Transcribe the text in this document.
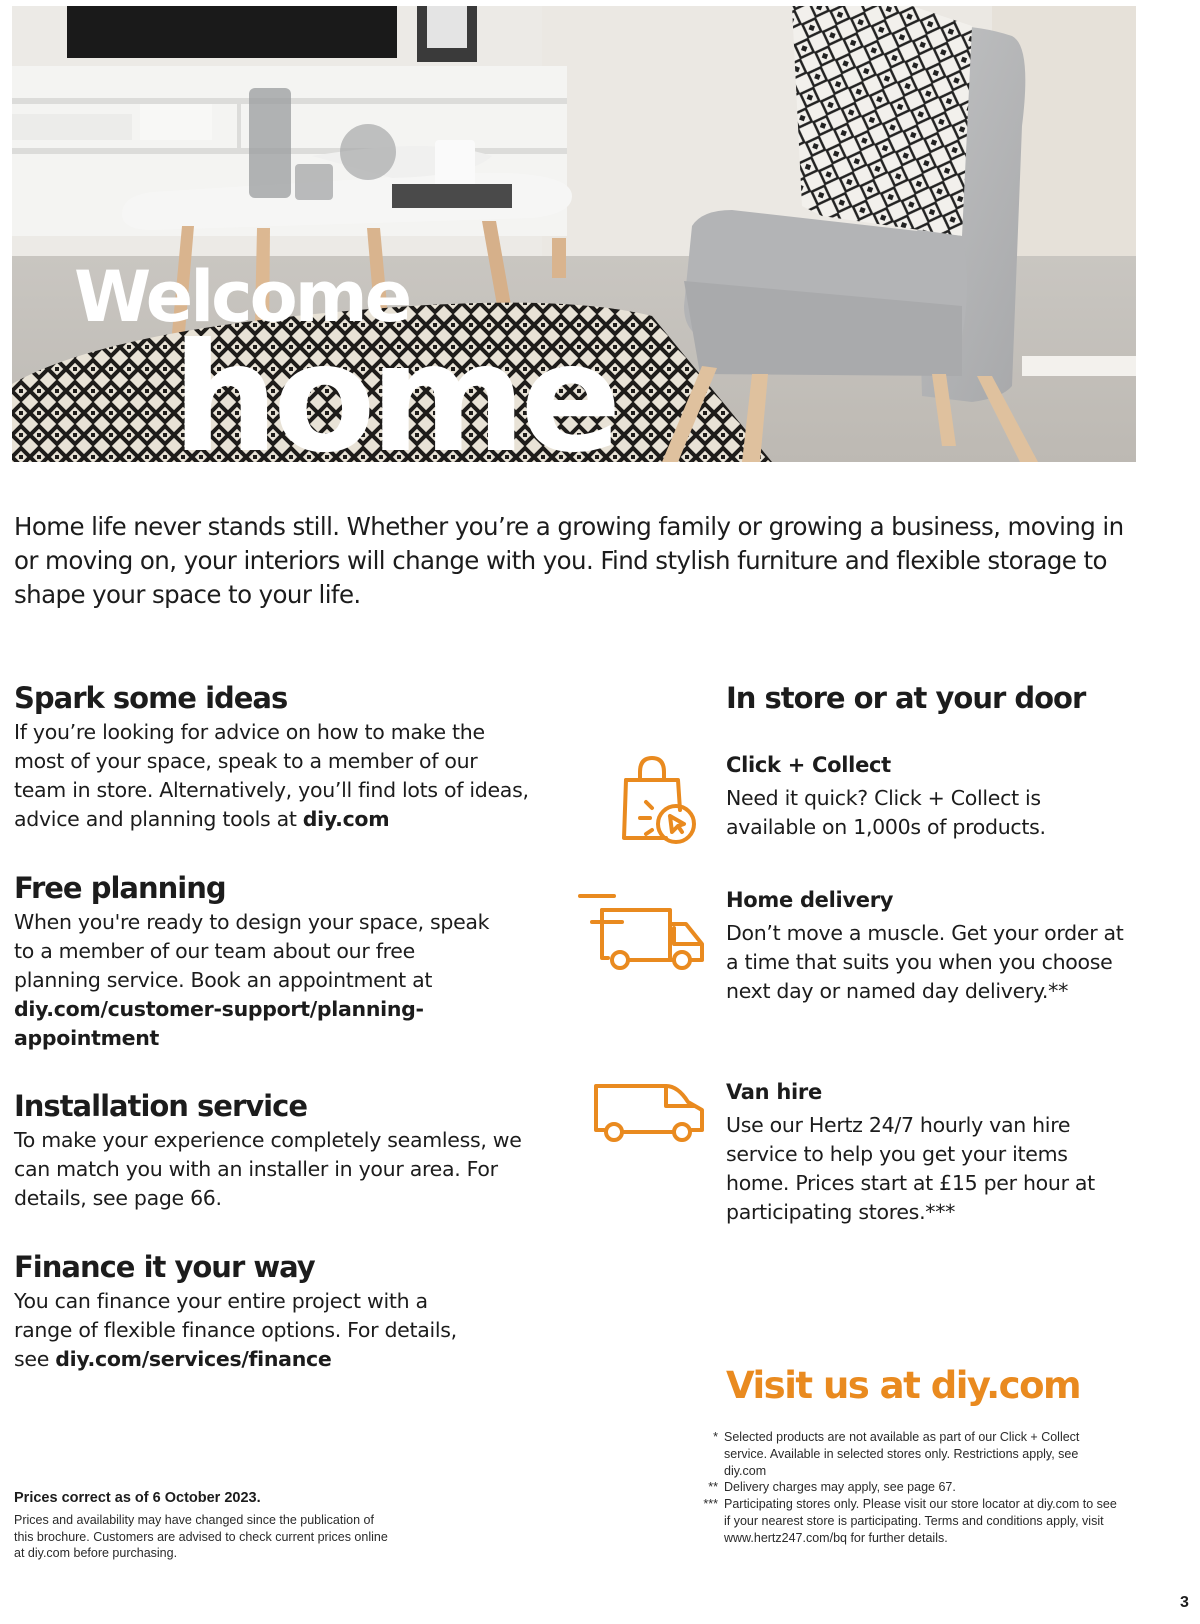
Welcome
home

Home life never stands still. Whether you’re a growing family or growing a business, moving in or moving on, your interiors will change with you. Find stylish furniture and flexible storage to shape your space to your life.

Spark some ideas

If you’re looking for advice on how to make the most of your space, speak to a member of our team in store. Alternatively, you’ll find lots of ideas, advice and planning tools at diy.com

Free planning

When you're ready to design your space, speak to a member of our team about our free planning service. Book an appointment at diy.com/customer-support/planning-appointment

Installation service

To make your experience completely seamless, we can match you with an installer in your area. For details, see page 66.

Finance it your way

You can finance your entire project with a range of flexible finance options. For details, see diy.com/services/finance

In store or at your door
Click + Collect

Need it quick? Click + Collect is available on 1,000s of products.

Home delivery

Don’t move a muscle. Get your order at a time that suits you when you choose next day or named day delivery.**

Van hire

Use our Hertz 24/7 hourly van hire service to help you get your items home. Prices start at £15 per hour at participating stores.***

Visit us at diy.com
* Selected products are not available as part of our Click + Collect service. Available in selected stores only. Restrictions apply, see diy.com
** Delivery charges may apply, see page 67.
*** Participating stores only. Please visit our store locator at diy.com to see if your nearest store is participating. Terms and conditions apply, visit www.hertz247.com/bq for further details.
Prices correct as of 6 October 2023.
Prices and availability may have changed since the publication of this brochure. Customers are advised to check current prices online at diy.com before purchasing.
3
